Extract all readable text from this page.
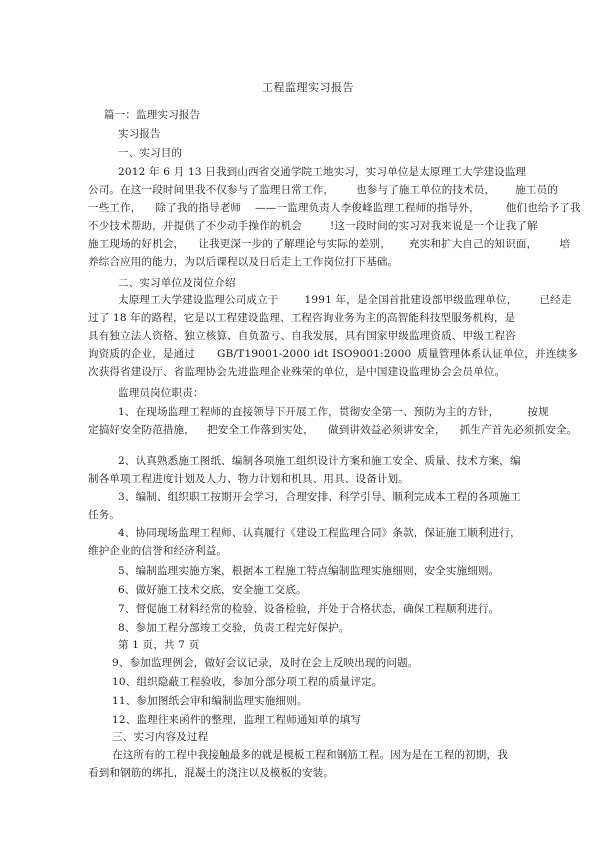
工程监理实习报告
篇一：监理实习报告
实习报告
一、实习目的
2012 年 6 月 13 日我到山西省交通学院工地实习，实习单位是太原理工大学建设监理
公司。在这一段时间里我不仅参与了监理日常工作， 也参与了施工单位的技术员， 施工员的
一些工作， 除了我的指导老师 ——一监理负责人李俊峰监理工程师的指导外， 他们也给予了我
不少技术帮助，并提供了不少动手操作的机会	!这一段时间的实习对我来说是一个让我了解
施工现场的好机会， 让我更深一步的了解理论与实际的差别， 充实和扩大自己的知识面， 培
养综合应用的能力，为以后课程以及日后走上工作岗位打下基础。
二、实习单位及岗位介绍
太原理工大学建设监理公司成立于 1991 年，是全国首批建设部甲级监理单位， 已经走
过了 18 年的路程，它是以工程建设监理、工程咨询业务为主的高智能科技型服务机构，是
具有独立法人资格、独立核算、自负盈亏、自我发展，具有国家甲级监理资质、甲级工程咨
询资质的企业，是通过 GB/T19001-2000 idt ISO9001:2000 质量管理体系认证单位，并连续多
次获得省建设厅、省监理协会先进监理企业殊荣的单位，是中国建设监理协会会员单位。
监理员岗位职责：
1、在现场监理工程师的直接领导下开展工作，贯彻安全第一、预防为主的方针，	按规
定搞好安全防范措施， 把安全工作落到实处， 做到讲效益必须讲安全， 抓生产首先必须抓安全。
2、认真熟悉施工图纸、编制各项施工组织设计方案和施工安全、质量、技术方案，编
制各单项工程进度计划及人力、物力计划和机具、用具、设备计划。
3、编制、组织职工按期开会学习，合理安排、科学引导、顺利完成本工程的各项施工
任务。
4、协同现场监理工程师、认真履行《建设工程监理合同》条款，保证施工顺利进行，
维护企业的信誉和经济利益。
5、编制监理实施方案，根据本工程施工特点编制监理实施细则，安全实施细则。
6、做好施工技术交底，安全施工交底。
7、督促施工材料经常的检验、设备检验，并处于合格状态，确保工程顺利进行。
8、参加工程分部竣工交验，负责工程完好保护。
第 1 页，共 7 页
9、参加监理例会，做好会议记录，及时在会上反映出现的问题。
10、组织隐蔽工程验收，参加分部分项工程的质量评定。
11、参加图纸会审和编制监理实施细则。
12、监理往来函件的整理，监理工程师通知单的填写
三、实习内容及过程
在这所有的工程中我接触最多的就是模板工程和钢筋工程。因为是在工程的初期，我
看到和钢筋的绑扎，混凝土的浇注以及模板的安装。
